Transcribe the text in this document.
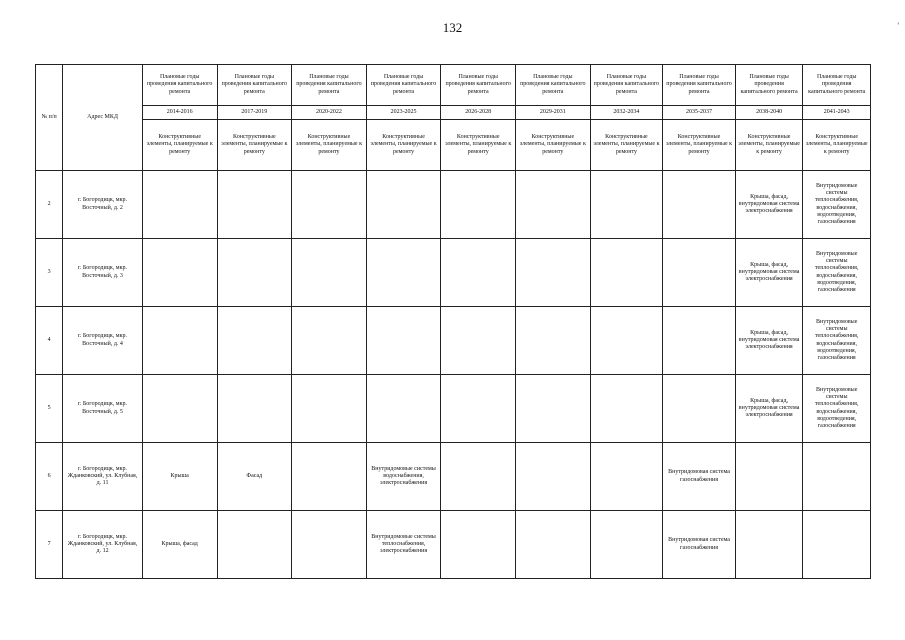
132	'
№ п/п	Адрес МКД	Плановые годы проведения капитального ремонта	Плановые годы проведения капитального ремонта	Плановые годы проведения капитального ремонта	Плановые годы проведения капитального ремонта	Плановые годы проведения капитального ремонта	Плановые годы проведения капитального ремонта	Плановые годы проведения капитального ремонта	Плановые годы проведения капитального ремонта	Плановые годы проведения капитального ремонта	Плановые годы проведения капитального ремонта
		2014-2016	2017-2019	2020-2022	2023-2025	2026-2028	2029-2031	2032-2034	2035-2037	2038-2040	2041-2043
		Конструктивные элементы, планируемые к ремонту	Конструктивные элементы, планируемые к ремонту	Конструктивные элементы, планируемые к ремонту	Конструктивные элементы, планируемые к ремонту	Конструктивные элементы, планируемые к ремонту	Конструктивные элементы, планируемые к ремонту	Конструктивные элементы, планируемые к ремонту	Конструктивные элементы, планируемые к ремонту	Конструктивные элементы, планируемые к ремонту	Конструктивные элементы, планируемые к ремонту
2	г. Богородицк, мкр. Восточный, д. 2									Крыша, фасад, внутридомовая система электроснабжения	Внутридомовые системы теплоснабжения, водоснабжения, водоотведения, газоснабжения
3	г. Богородицк, мкр. Восточный, д. 3									Крыша, фасад, внутридомовая система электроснабжения	Внутридомовые системы теплоснабжения, водоснабжения, водоотведения, газоснабжения
4	г. Богородицк, мкр. Восточный, д. 4									Крыша, фасад, внутридомовая система электроснабжения	Внутридомовые системы теплоснабжения, водоснабжения, водоотведения, газоснабжения
5	г. Богородицк, мкр. Восточный, д. 5									Крыша, фасад, внутридомовая система электроснабжения	Внутридомовые системы теплоснабжения, водоснабжения, водоотведения, газоснабжения
6	г. Богородицк, мкр. Жданковский, ул. Клубная, д. 11	Крыша	Фасад		Внутридомовые системы водоснабжения, электроснабжения				Внутридомовая система газоснабжения		
7	г. Богородицк, мкр. Жданковский, ул. Клубная, д. 12	Крыша, фасад			Внутридомовые системы теплоснабжения, электроснабжения				Внутридомовая система газоснабжения		
